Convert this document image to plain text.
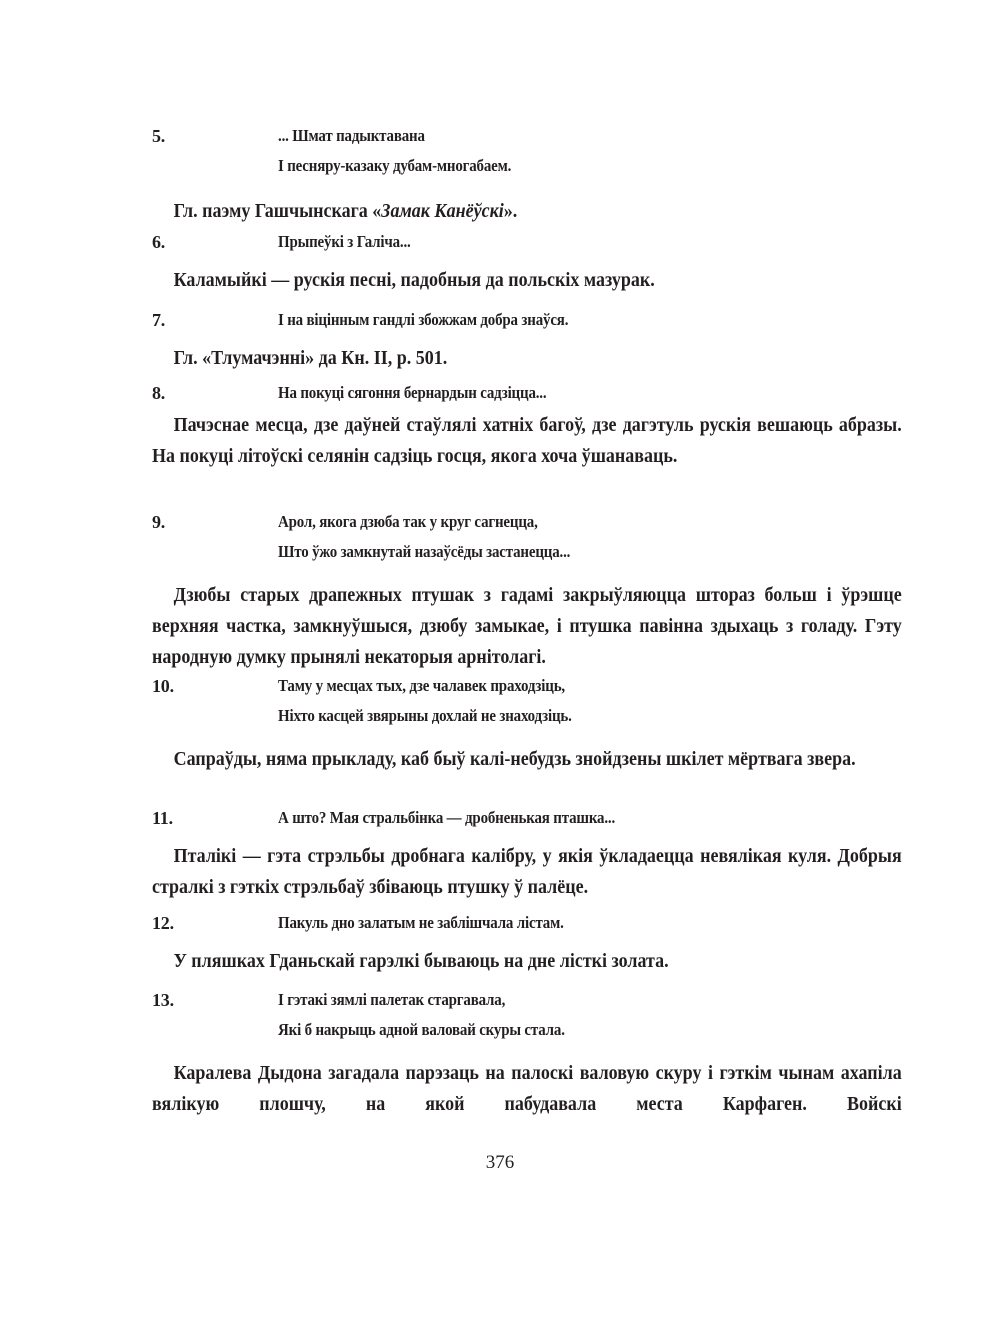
5.	... Шмат падыктавана
І песняру-казаку дубам-многабаем.

Гл. паэму Гашчынскага «Замак Канёўскі».

6.	Прыпеўкі з Галіча...

Каламыйкі — рускія песні, падобныя да польскіх мазурак.

7.	І на віцінным гандлі збожжам добра знаўся.

Гл. «Тлумачэнні» да Кн. II, р. 501.

8.	На покуці сягоння бернардын садзіцца...

Пачэснае месца, дзе даўней стаўлялі хатніх багоў, дзе дагэтуль рускія вешаюць абразы. На покуці літоўскі селянін садзіць госця, якога хоча ўшанаваць.

9.	Арол, якога дзюба так у круг сагнецца,
Што ўжо замкнутай назаўсёды застанецца...

Дзюбы старых драпежных птушак з гадамі закрыўляюцца штораз больш і ўрэшце верхняя частка, замкнуўшыся, дзюбу замыкае, і птушка павінна здыхаць з голаду. Гэту народную думку прынялі некаторыя арнітолагі.

10.	Таму у месцах тых, дзе чалавек праходзіць,
Ніхто касцей звярыны дохлай не знаходзіць.

Сапраўды, няма прыкладу, каб быў калі-небудзь знойдзены шкілет мёртвага звера.

11.	А што? Мая стральбінка — дробненькая пташка...

Пталікі — гэта стрэльбы дробнага калібру, у якія ўкладаецца невялікая куля. Добрыя стралкі з гэткіх стрэльбаў збіваюць птушку ў палёце.

12.	Пакуль дно залатым не заблішчала лістам.

У пляшках Гданьскай гарэлкі бываюць на дне лісткі золата.

13.	І гэтакі зямлі палетак старгавала,
Які б накрыць адной валовай скуры стала.

Каралева Дыдона загадала парэзаць на палоскі валовую скуру і гэткім чынам ахапіла вялікую плошчу, на якой пабудавала места Карфаген. Войскі

376
